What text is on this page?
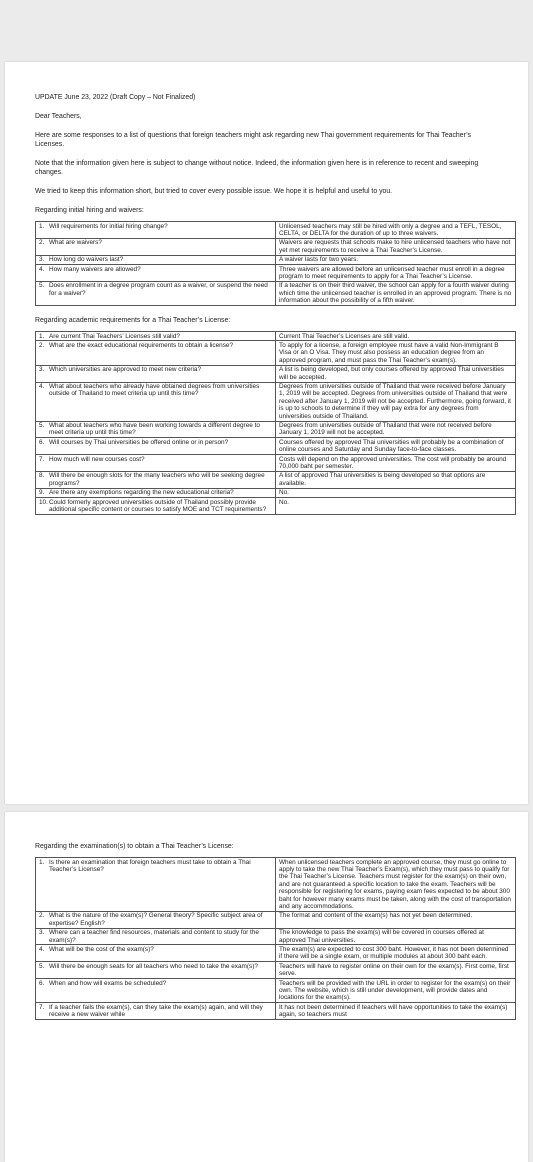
UPDATE June 23, 2022 (Draft Copy – Not Finalized)

Dear Teachers,

Here are some responses to a list of questions that foreign teachers might ask regarding new Thai government requirements for Thai Teacher’s Licenses.

Note that the information given here is subject to change without notice. Indeed, the information given here is in reference to recent and sweeping changes.

We tried to keep this information short, but tried to cover every possible issue. We hope it is helpful and useful to you.

Regarding initial hiring and waivers:

1. Will requirements for initial hiring change?	Unlicensed teachers may still be hired with only a degree and a TEFL, TESOL, CELTA, or DELTA for the duration of up to three waivers.

2. What are waivers?	Waivers are requests that schools make to hire unlicensed teachers who have not yet met requirements to receive a Thai Teacher’s License.

3. How long do waivers last?	A waiver lasts for two years.

4. How many waivers are allowed?	Three waivers are allowed before an unlicensed teacher must enroll in a degree program to meet requirements to apply for a Thai Teacher’s License.

5. Does enrollment in a degree program count as a waiver, or suspend the need for a waiver?	If a teacher is on their third waiver, the school can apply for a fourth waiver during which time the unlicensed teacher is enrolled in an approved program. There is no information about the possibility of a fifth waiver.

Regarding academic requirements for a Thai Teacher’s License:

1. Are current Thai Teachers’ Licenses still valid?	Current Thai Teacher’s Licenses are still valid.

2. What are the exact educational requirements to obtain a license?	To apply for a license, a foreign employee must have a valid Non-Immigrant B Visa or an O Visa. They must also possess an education degree from an approved program, and must pass the Thai Teacher’s exam(s).

3. Which universities are approved to meet new criteria?	A list is being developed, but only courses offered by approved Thai universities will be accepted.

4. What about teachers who already have obtained degrees from universities outside of Thailand to meet criteria up until this time?	Degrees from universities outside of Thailand that were received before January 1, 2019 will be accepted. Degrees from universities outside of Thailand that were received after January 1, 2019 will not be accepted. Furthermore, going forward, it is up to schools to determine if they will pay extra for any degrees from universities outside of Thailand.

5. What about teachers who have been working towards a different degree to meet criteria up until this time?	Degrees from universities outside of Thailand that were not received before January 1, 2019 will not be accepted.

6. Will courses by Thai universities be offered online or in person?	Courses offered by approved Thai universities will probably be a combination of online courses and Saturday and Sunday face-to-face classes.

7. How much will new courses cost?	Costs will depend on the approved universities. The cost will probably be around 70,000 baht per semester.

8. Will there be enough slots for the many teachers who will be seeking degree programs?	A list of approved Thai universities is being developed so that options are available.

9. Are there any exemptions regarding the new educational criteria?	No.

10. Could formerly approved universities outside of Thailand possibly provide additional specific content or courses to satisfy MOE and TCT requirements?	No.

Regarding the examination(s) to obtain a Thai Teacher’s License:

1. Is there an examination that foreign teachers must take to obtain a Thai Teacher’s License?	When unlicensed teachers complete an approved course, they must go online to apply to take the new Thai Teacher’s Exam(s), which they must pass to qualify for the Thai Teacher’s License. Teachers must register for the exam(s) on their own, and are not guaranteed a specific location to take the exam. Teachers will be responsible for registering for exams, paying exam fees expected to be about 300 baht for however many exams must be taken, along with the cost of transportation and any accommodations.

2. What is the nature of the exam(s)? General theory? Specific subject area of expertise? English?	The format and content of the exam(s) has not yet been determined.

3. Where can a teacher find resources, materials and content to study for the exam(s)?	The knowledge to pass the exam(s) will be covered in courses offered at approved Thai universities.

4. What will be the cost of the exam(s)?	The exam(s) are expected to cost 300 baht. However, it has not been determined if there will be a single exam, or multiple modules at about 300 baht each.

5. Will there be enough seats for all teachers who need to take the exam(s)?	Teachers will have to register online on their own for the exam(s). First come, first serve.

6. When and how will exams be scheduled?	Teachers will be provided with the URL in order to register for the exam(s) on their own. The website, which is still under development, will provide dates and locations for the exam(s).

7. If a teacher fails the exam(s), can they take the exam(s) again, and will they receive a new waiver while	It has not been determined if teachers will have opportunities to take the exam(s) again, so teachers must
